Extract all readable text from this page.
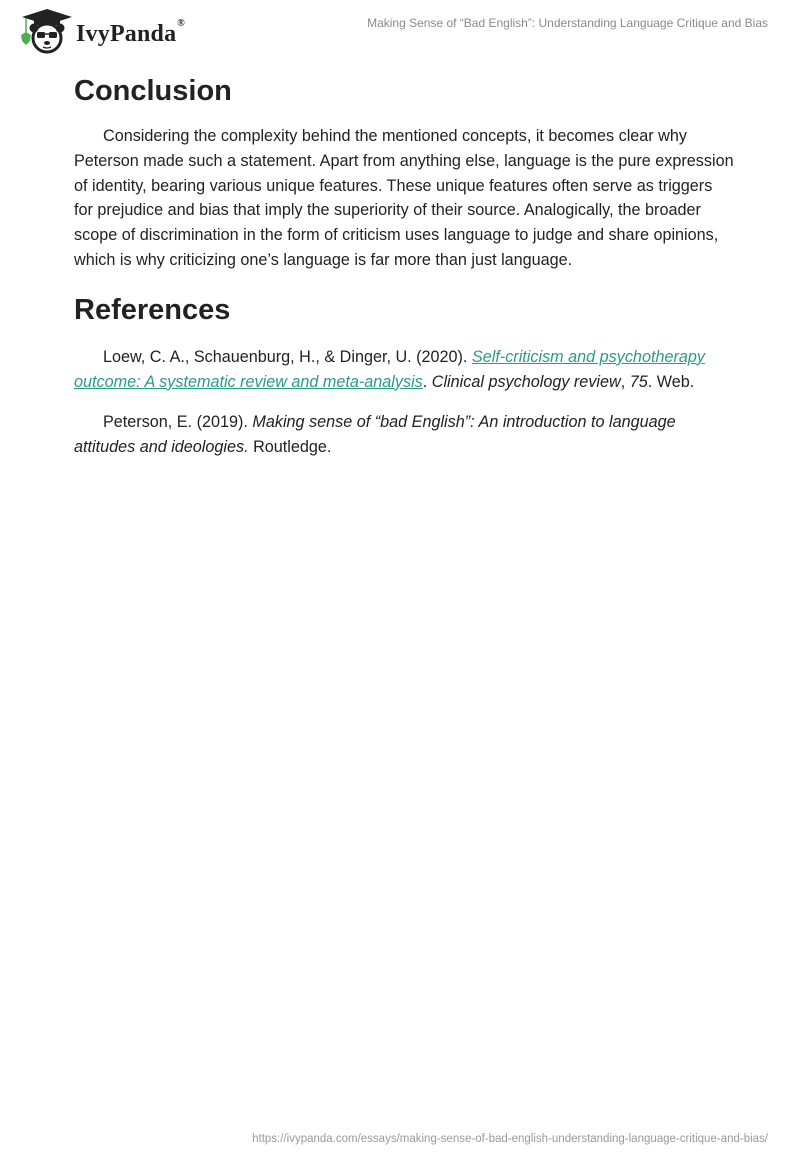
IvyPanda®	Making Sense of “Bad English”: Understanding Language Critique and Bias
Conclusion

Considering the complexity behind the mentioned concepts, it becomes clear why Peterson made such a statement. Apart from anything else, language is the pure expression of identity, bearing various unique features. These unique features often serve as triggers for prejudice and bias that imply the superiority of their source. Analogically, the broader scope of discrimination in the form of criticism uses language to judge and share opinions, which is why criticizing one’s language is far more than just language.

References

Loew, C. A., Schauenburg, H., & Dinger, U. (2020). Self-criticism and psychotherapy outcome: A systematic review and meta-analysis. Clinical psychology review, 75. Web.

Peterson, E. (2019). Making sense of “bad English”: An introduction to language attitudes and ideologies. Routledge.

https://ivypanda.com/essays/making-sense-of-bad-english-understanding-language-critique-and-bias/
